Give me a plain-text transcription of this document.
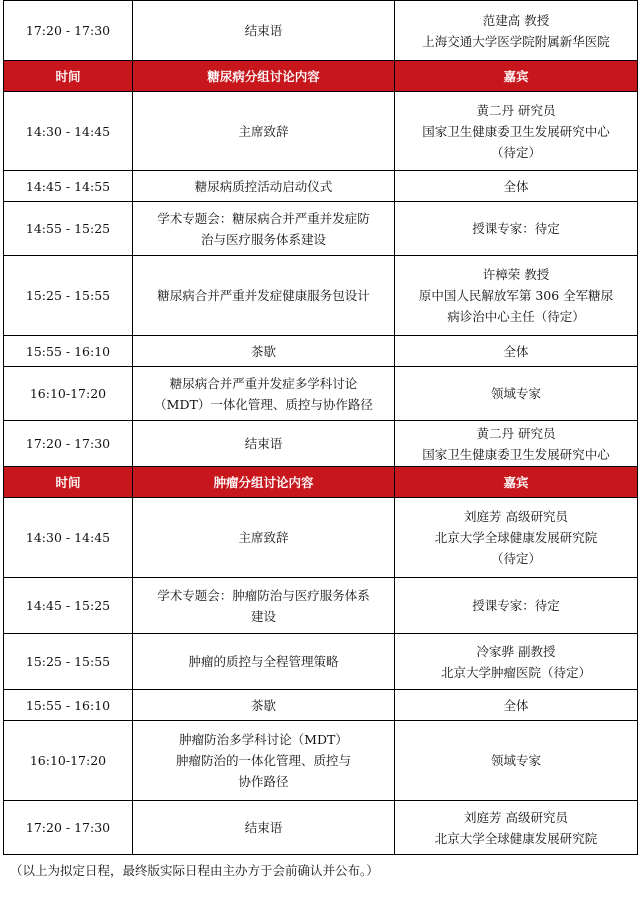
17:20 - 17:30	结束语	范建高 教授
上海交通大学医学院附属新华医院

时间	糖尿病分组讨论内容	嘉宾

14:30 - 14:45	主席致辞	黄二丹 研究员
国家卫生健康委卫生发展研究中心
（待定）

14:45 - 14:55	糖尿病质控活动启动仪式	全体

14:55 - 15:25	学术专题会：糖尿病合并严重并发症防
治与医疗服务体系建设	授课专家：待定

15:25 - 15:55	糖尿病合并严重并发症健康服务包设计	许樟荣 教授
原中国人民解放军第 306 全军糖尿
病诊治中心主任（待定）

15:55 - 16:10	茶歇	全体

16:10-17:20	糖尿病合并严重并发症多学科讨论
（MDT）一体化管理、质控与协作路径	领域专家

17:20 - 17:30	结束语	黄二丹 研究员
国家卫生健康委卫生发展研究中心

时间	肿瘤分组讨论内容	嘉宾

14:30 - 14:45	主席致辞	刘庭芳 高级研究员
北京大学全球健康发展研究院
（待定）

14:45 - 15:25	学术专题会：肿瘤防治与医疗服务体系
建设	授课专家：待定

15:25 - 15:55	肿瘤的质控与全程管理策略	冷家骅 副教授
北京大学肿瘤医院（待定）

15:55 - 16:10	茶歇	全体

16:10-17:20	肿瘤防治多学科讨论（MDT）
肿瘤防治的一体化管理、质控与
协作路径	领域专家

17:20 - 17:30	结束语	刘庭芳 高级研究员
北京大学全球健康发展研究院
（以上为拟定日程，最终版实际日程由主办方于会前确认并公布。）
